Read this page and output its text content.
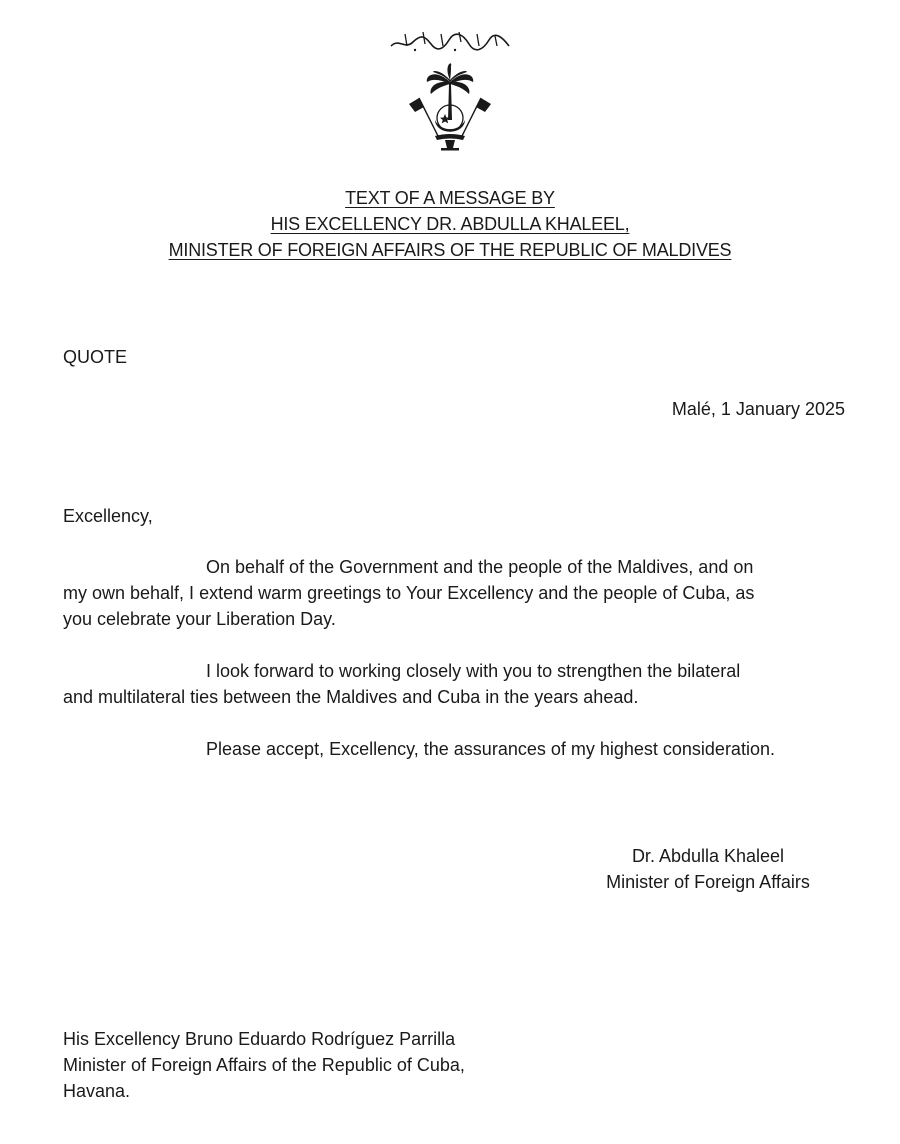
TEXT OF A MESSAGE BY
HIS EXCELLENCY DR. ABDULLA KHALEEL,
MINISTER OF FOREIGN AFFAIRS OF THE REPUBLIC OF MALDIVES
QUOTE
Malé, 1 January 2025
Excellency,
On behalf of the Government and the people of the Maldives, and on
my own behalf, I extend warm greetings to Your Excellency and the people of Cuba, as
you celebrate your Liberation Day.
I look forward to working closely with you to strengthen the bilateral
and multilateral ties between the Maldives and Cuba in the years ahead.
Please accept, Excellency, the assurances of my highest consideration.
Dr. Abdulla Khaleel
Minister of Foreign Affairs
His Excellency Bruno Eduardo Rodríguez Parrilla
Minister of Foreign Affairs of the Republic of Cuba,
Havana.
